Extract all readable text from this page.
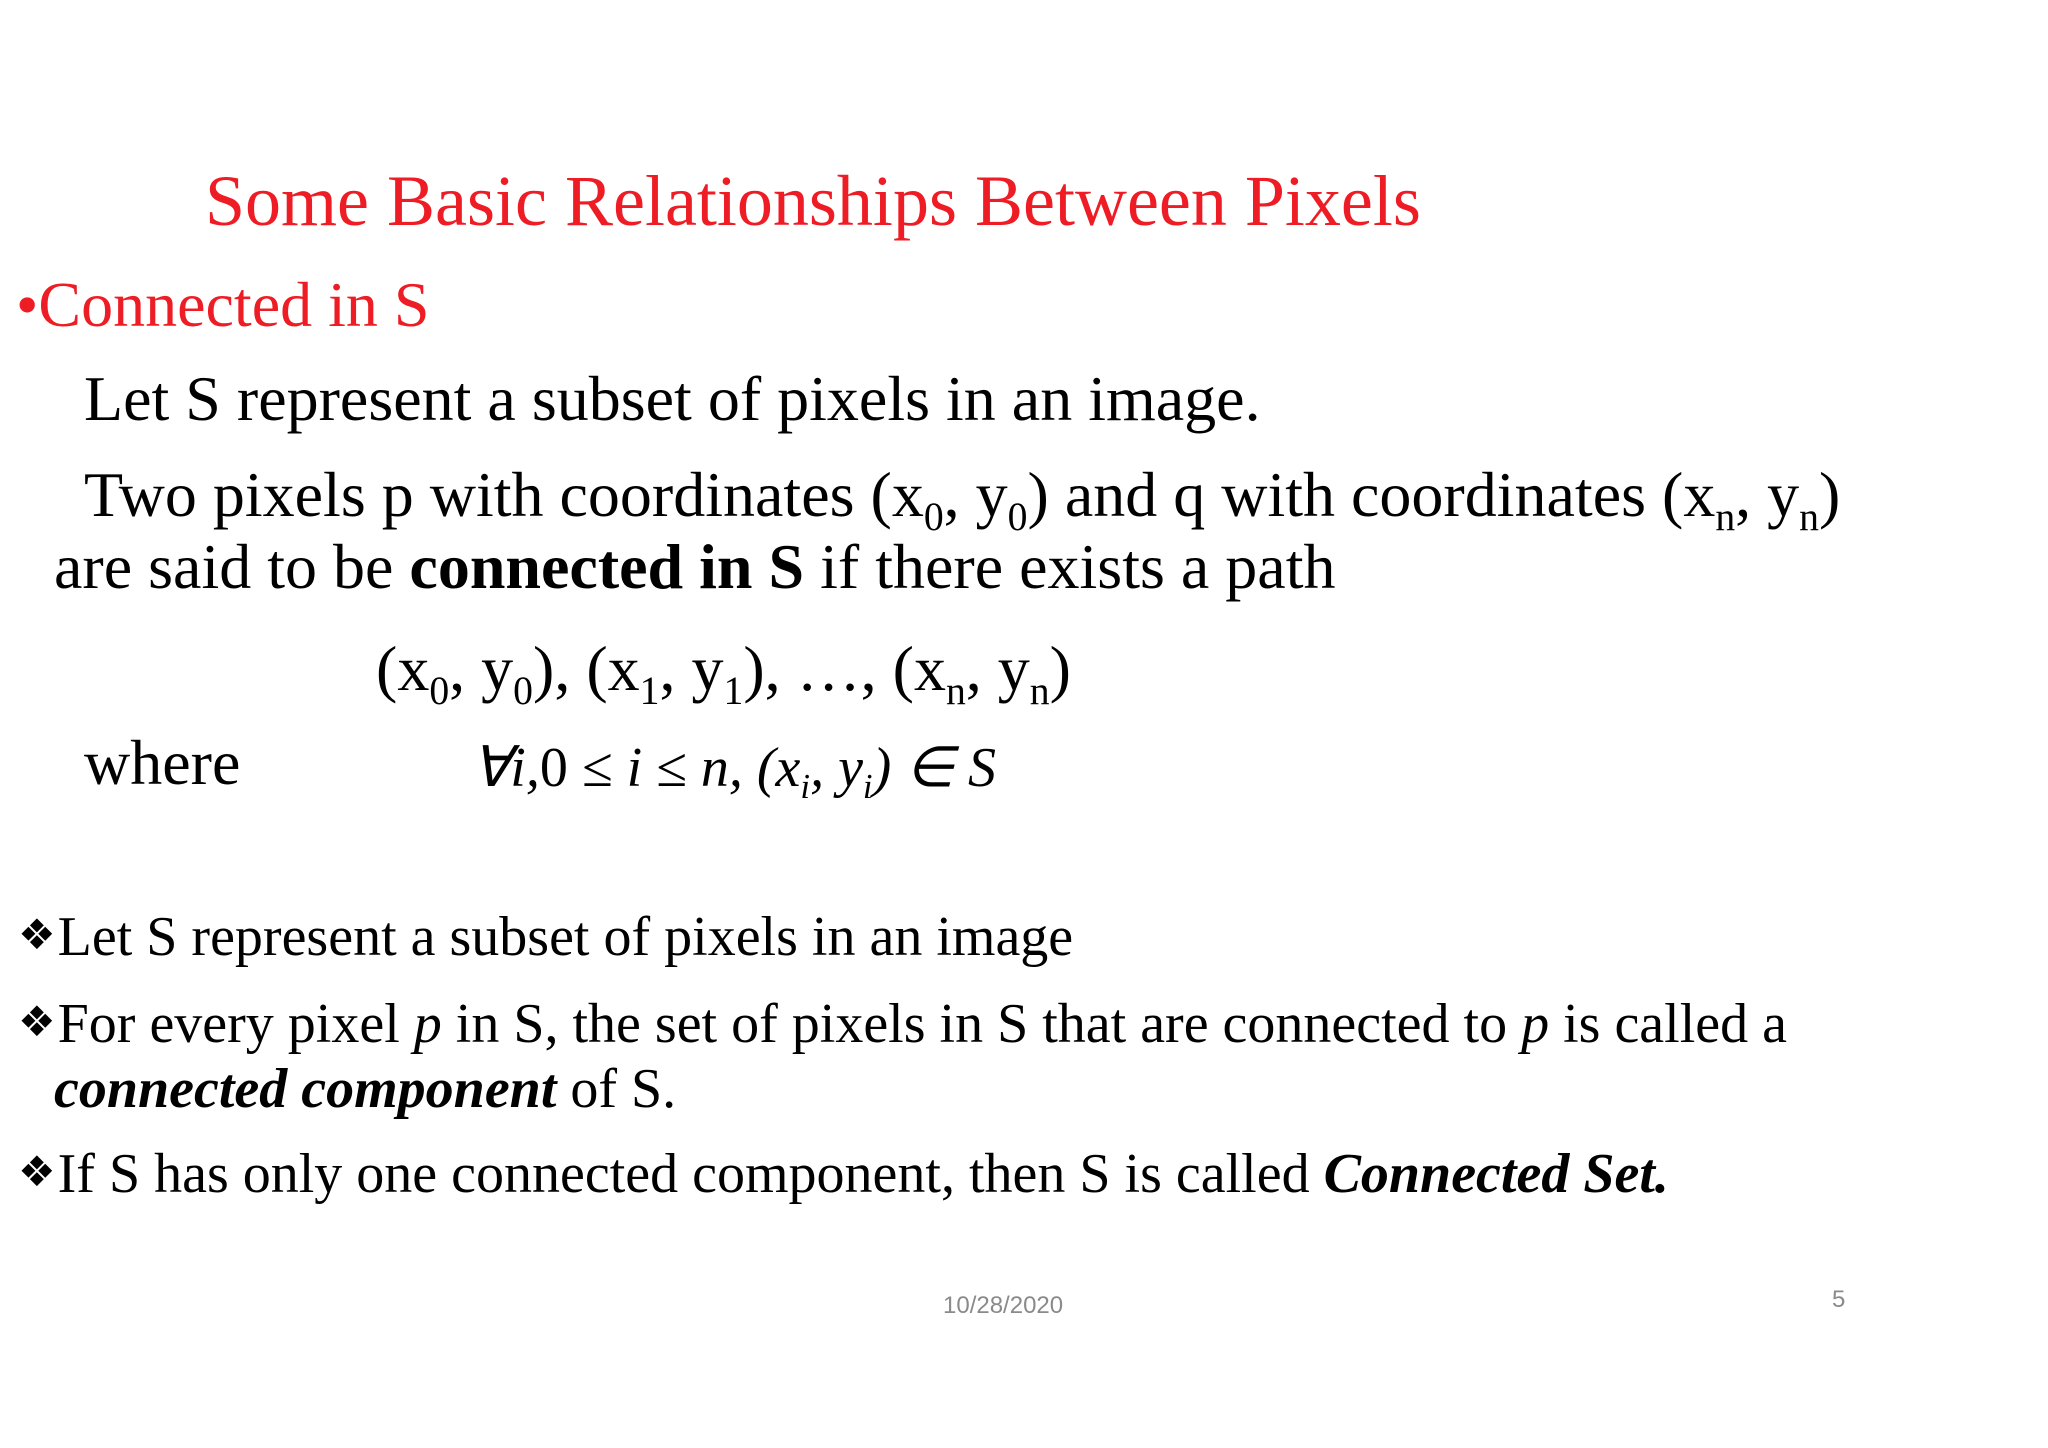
Some Basic Relationships Between Pixels
•Connected in S
Let S represent a subset of pixels in an image.
Two pixels p with coordinates ($x_0$, $y_0$) and q with coordinates ($x_n$, $y_n$)
are said to be connected in S if there exists a path
($x_0$, $y_0$), ($x_1$, $y_1$), …, ($x_n$, $y_n$)
where	∀i,0 ≤ i ≤ n, ($x_i$, $y_i$) ∈ S
❖Let S represent a subset of pixels in an image
❖For every pixel p in S, the set of pixels in S that are connected to p is called a
connected component of S.
❖If S has only one connected component, then S is called Connected Set.
10/28/2020	5
